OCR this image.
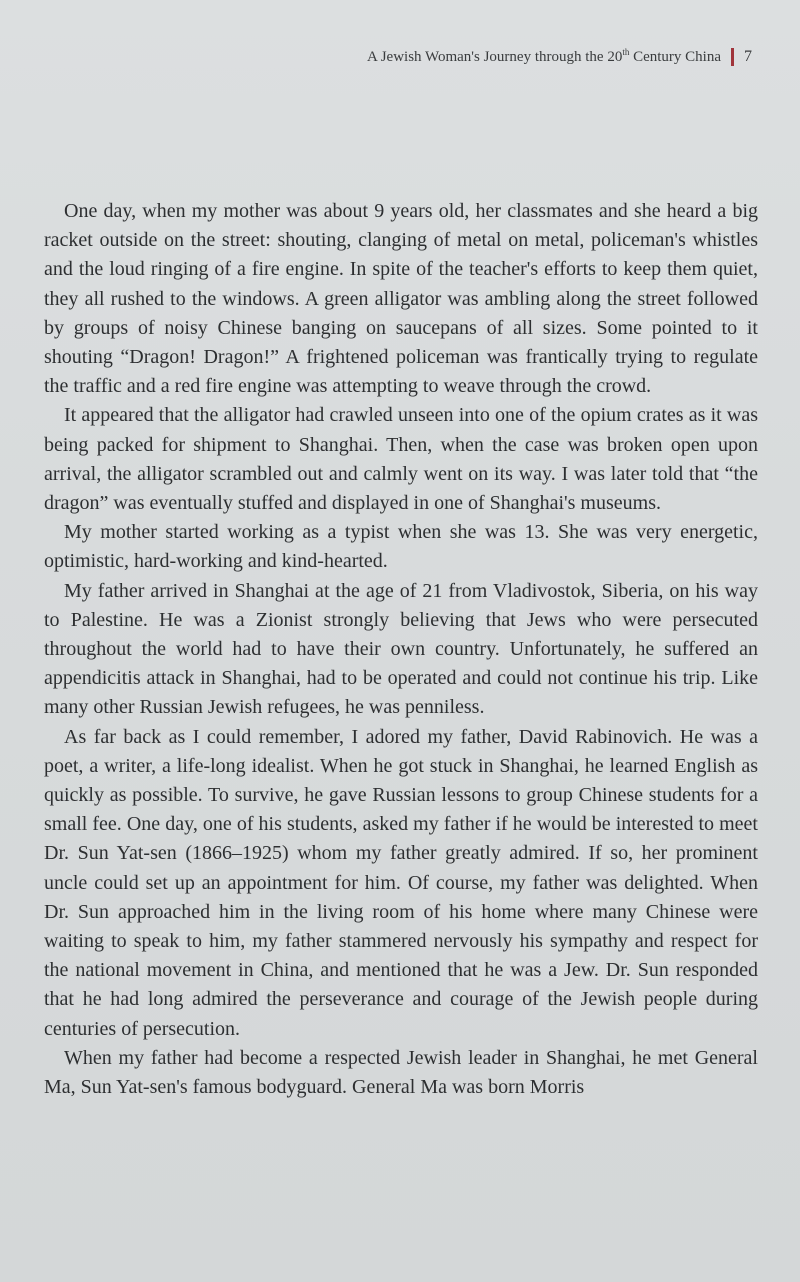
A Jewish Woman's Journey through the 20th Century China 7

One day, when my mother was about 9 years old, her classmates and she heard a big racket outside on the street: shouting, clanging of metal on metal, policeman's whistles and the loud ringing of a fire engine. In spite of the teacher's efforts to keep them quiet, they all rushed to the windows. A green alligator was ambling along the street followed by groups of noisy Chinese banging on saucepans of all sizes. Some pointed to it shouting “Dragon! Dragon!” A frightened policeman was frantically trying to regulate the traffic and a red fire engine was attempting to weave through the crowd.

It appeared that the alligator had crawled unseen into one of the opium crates as it was being packed for shipment to Shanghai. Then, when the case was broken open upon arrival, the alligator scrambled out and calmly went on its way. I was later told that “the dragon” was eventually stuffed and displayed in one of Shanghai's museums.

My mother started working as a typist when she was 13. She was very energetic, optimistic, hard-working and kind-hearted.

My father arrived in Shanghai at the age of 21 from Vladivostok, Siberia, on his way to Palestine. He was a Zionist strongly believing that Jews who were persecuted throughout the world had to have their own country. Unfortunately, he suffered an appendicitis attack in Shanghai, had to be operated and could not continue his trip. Like many other Russian Jewish refugees, he was penniless.

As far back as I could remember, I adored my father, David Rabinovich. He was a poet, a writer, a life-long idealist. When he got stuck in Shanghai, he learned English as quickly as possible. To survive, he gave Russian lessons to group Chinese students for a small fee. One day, one of his students, asked my father if he would be interested to meet Dr. Sun Yat-sen (1866–1925) whom my father greatly admired. If so, her prominent uncle could set up an appointment for him. Of course, my father was delighted. When Dr. Sun approached him in the living room of his home where many Chinese were waiting to speak to him, my father stammered nervously his sympathy and respect for the national movement in China, and mentioned that he was a Jew. Dr. Sun responded that he had long admired the perseverance and courage of the Jewish people during centuries of persecution.

When my father had become a respected Jewish leader in Shanghai, he met General Ma, Sun Yat-sen's famous bodyguard. General Ma was born Morris
